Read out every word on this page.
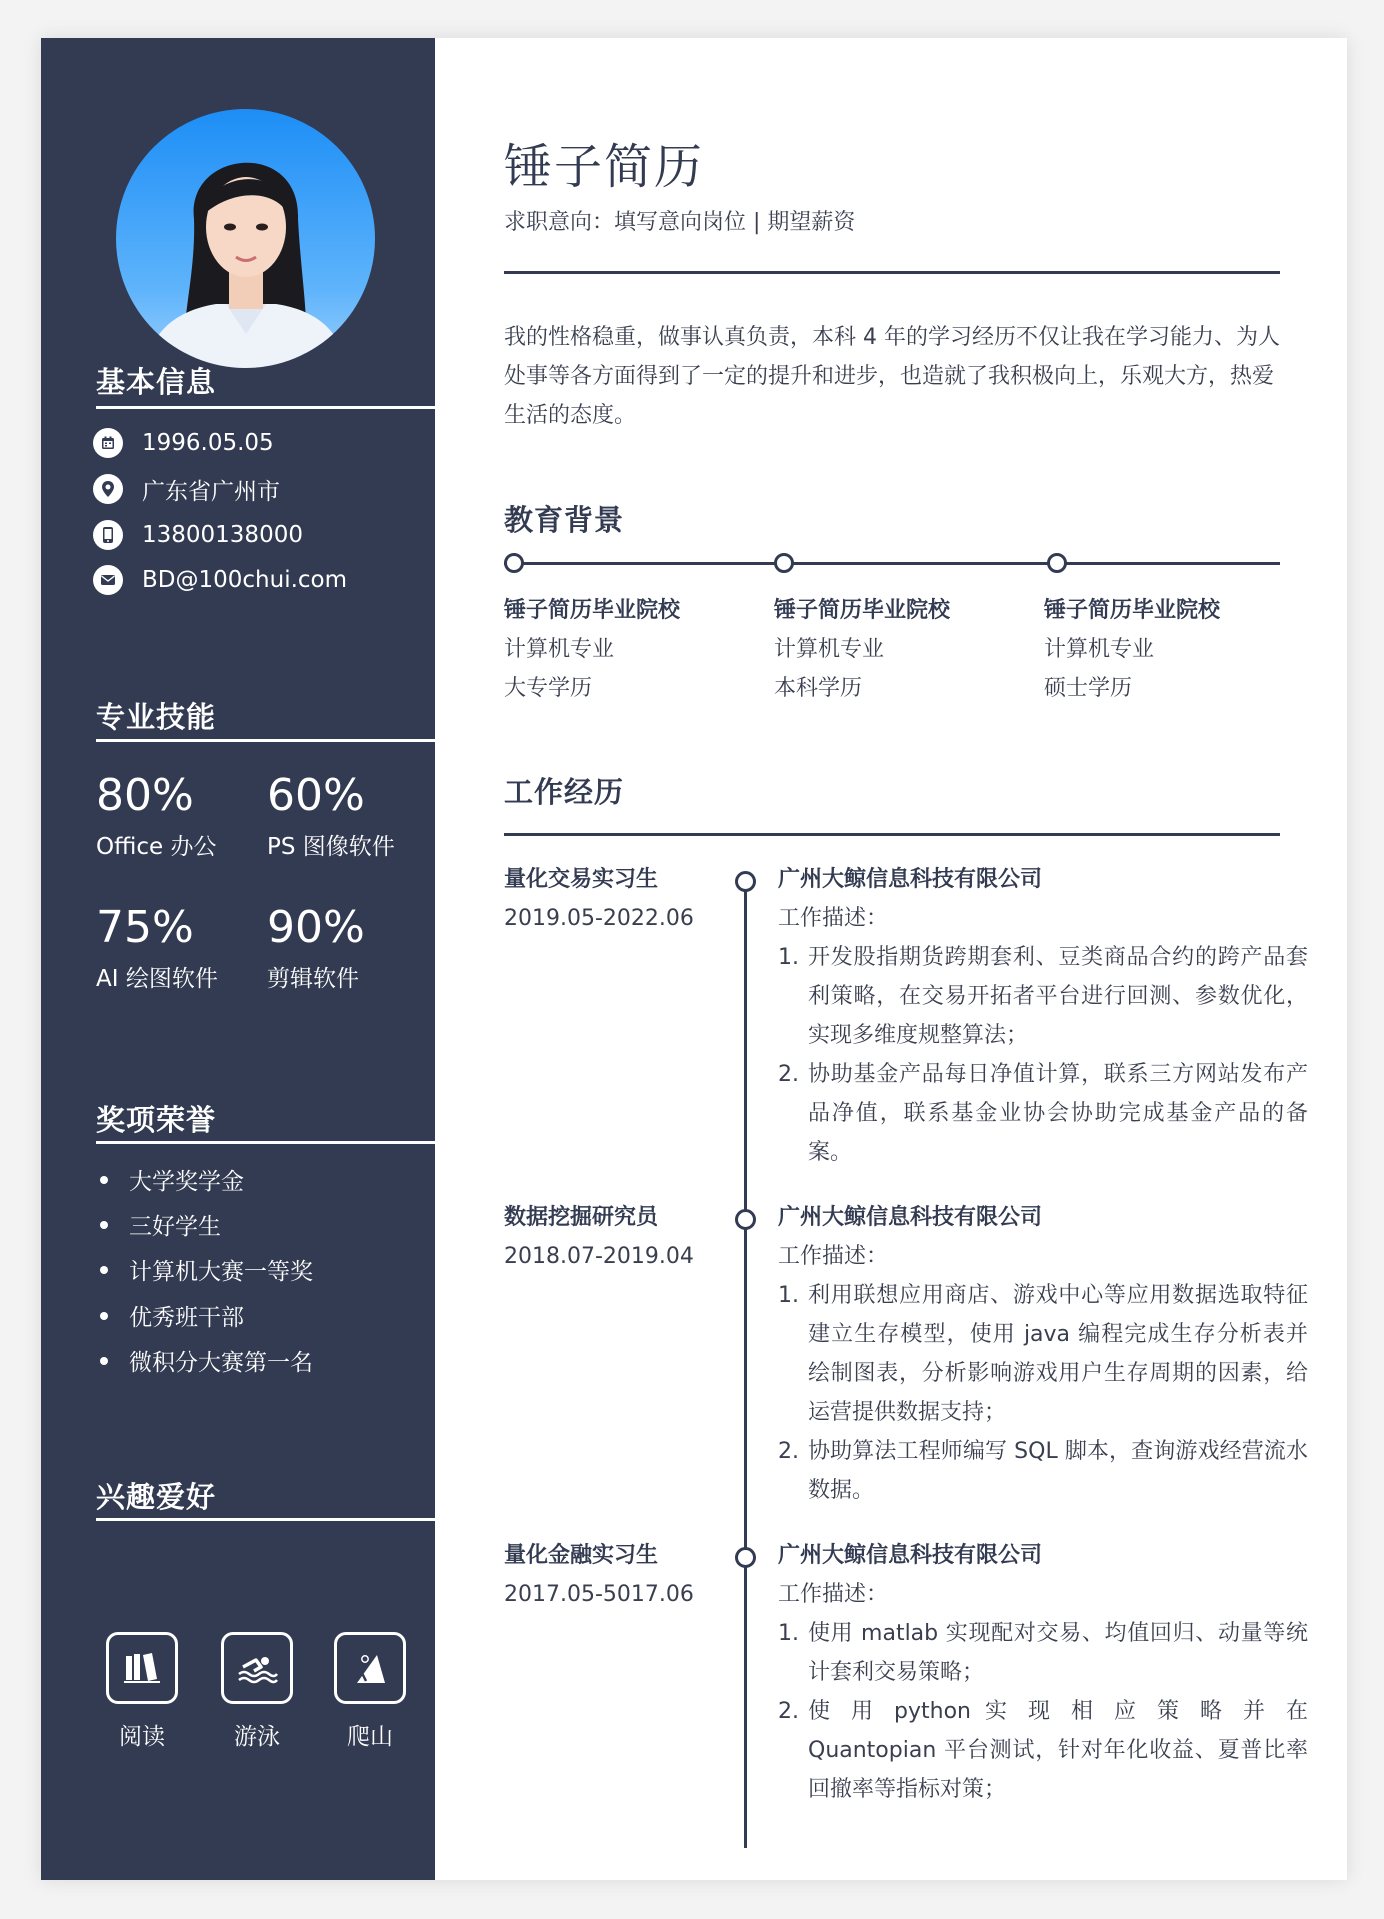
基本信息
1996.05.05
广东省广州市
13800138000
BD@100chui.com
专业技能
80%
Office 办公
60%
PS 图像软件
75%
AI 绘图软件
90%
剪辑软件
奖项荣誉
大学奖学金
三好学生
计算机大赛一等奖
优秀班干部
微积分大赛第一名
兴趣爱好
阅读	游泳	爬山
锤子简历
求职意向：填写意向岗位 | 期望薪资
我的性格稳重，做事认真负责，本科 4 年的学习经历不仅让我在学习能力、为人处事等各方面得到了一定的提升和进步，也造就了我积极向上，乐观大方，热爱生活的态度。
教育背景
锤子简历毕业院校
计算机专业
大专学历
锤子简历毕业院校
计算机专业
本科学历
锤子简历毕业院校
计算机专业
硕士学历
工作经历
量化交易实习生
2019.05-2022.06
广州大鲸信息科技有限公司
工作描述：
1. 开发股指期货跨期套利、豆类商品合约的跨产品套利策略，在交易开拓者平台进行回测、参数优化，实现多维度规整算法；
2. 协助基金产品每日净值计算，联系三方网站发布产品净值，联系基金业协会协助完成基金产品的备案。
数据挖掘研究员
2018.07-2019.04
广州大鲸信息科技有限公司
工作描述：
1. 利用联想应用商店、游戏中心等应用数据选取特征建立生存模型，使用 java 编程完成生存分析表并绘制图表，分析影响游戏用户生存周期的因素，给运营提供数据支持；
2. 协助算法工程师编写 SQL 脚本，查询游戏经营流水数据。
量化金融实习生
2017.05-5017.06
广州大鲸信息科技有限公司
工作描述：
1. 使用 matlab 实现配对交易、均值回归、动量等统计套利交易策略；
2. 使 用 python 实 现 相 应 策 略 并 在 Quantopian 平台测试，针对年化收益、夏普比率回撤率等指标对策；
